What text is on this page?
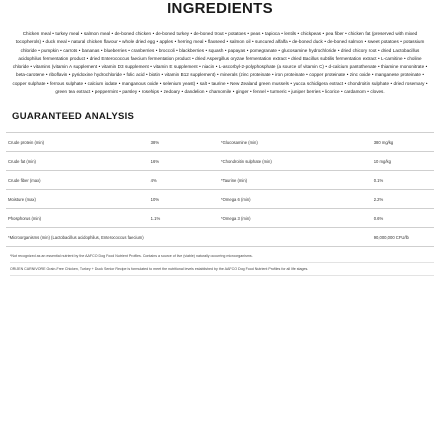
INGREDIENTS

Chicken meal • turkey meal • salmon meal • de-boned chicken • de-boned turkey • de-boned trout • potatoes • peas • tapioca • lentils • chickpeas • pea fiber • chicken fat (preserved with mixed tocopherols) • duck meal • natural chicken flavour • whole dried egg • apples • herring meal • flaxseed • salmon oil • suncured alfalfa • de-boned duck • de-boned salmon • sweet potatoes • potassium chloride • pumpkin • carrots • bananas • blueberries • cranberries • broccoli • blackberries • squash • papayas • pomegranate • glucosamine hydrochloride • dried chicory root • dried Lactobacillus acidophilus fermentation product • dried Enterococcus faecium fermentation product • dried Aspergillus oryzae fermentation extract • dried Bacillus subtilis fermentation extract • L-carnitine • choline chloride • vitamins (vitamin A supplement • vitamin D3 supplement • vitamin E supplement • niacin • L-ascorbyl-2-polyphosphate (a source of vitamin C) • d-calcium pantothenate • thiamine mononitrate • beta-carotene • riboflavin • pyridoxine hydrochloride • folic acid • biotin • vitamin B12 supplement) • minerals (zinc proteinate • iron proteinate • copper proteinate • zinc oxide • manganese proteinate • copper sulphate • ferrous sulphate • calcium iodate • manganous oxide • selenium yeast) • salt • taurine • New Zealand green mussels • yucca schidigera extract • chondroitin sulphate • dried rosemary • green tea extract • peppermint • parsley • rosehips • zedoary • dandelion • chamomile • ginger • fennel • turmeric • juniper berries • licorice • cardamom • cloves.

GUARANTEED ANALYSIS
Crude protein (min)	38%	*Glucosamine (min)	380 mg/kg
Crude fat (min)	16%	*Chondroitin sulphate (min)	10 mg/kg
Crude fiber (max)	4%	*Taurine (min)	0.1%
Moisture (max)	10%	*Omega 6 (min)	2.2%
Phosphorus (min)	1.1%	*Omega 3 (min)	0.6%
*Microorganisms (min) (Lactobacillus acidophilus, Enterococcus faecium)			90,000,000 CFU/lb
*Not recognized as an essential nutrient by the AAFCO Dog Food Nutrient Profiles. Contains a source of live (viable) naturally occurring microorganisms.
ORIJEN CARNIVORE Grain-Free Chicken, Turkey + Duck Senior Recipe is formulated to meet the nutritional levels established by the AAFCO Dog Food Nutrient Profiles for all life stages.
